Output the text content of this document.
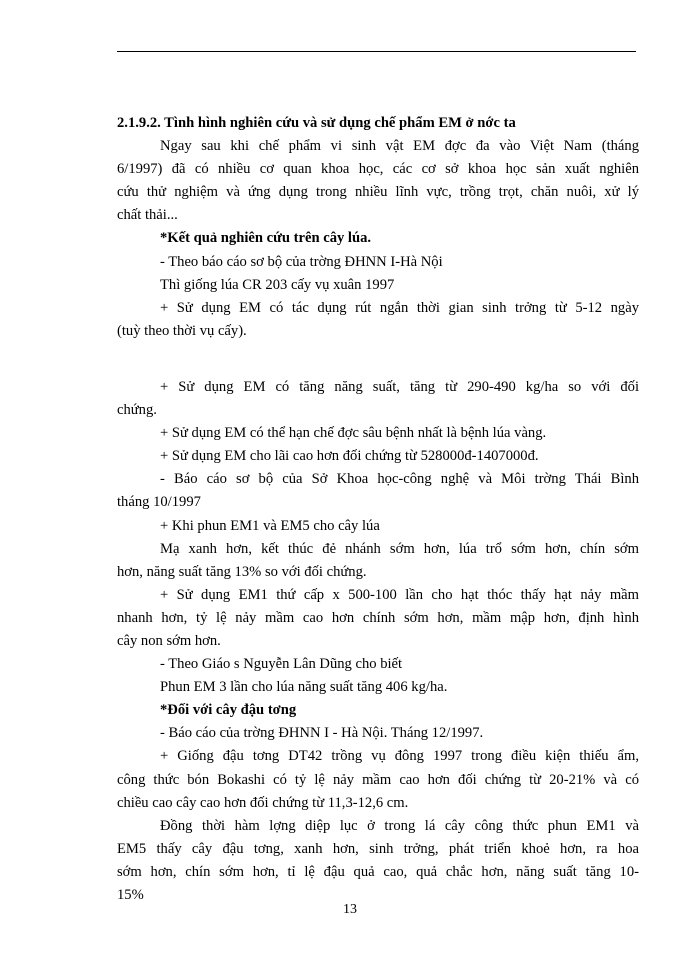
2.1.9.2. Tình hình nghiên cứu và sử dụng chế phẩm EM ở nớc ta
Ngay sau khi chế phẩm vi sinh vật EM đợc đa vào Việt Nam (tháng
6/1997) đã có nhiều cơ quan khoa học, các cơ sở khoa học sản xuất nghiên
cứu thử nghiệm và ứng dụng trong nhiều lĩnh vực, trồng trọt, chăn nuôi, xử lý
chất thải...
*Kết quả nghiên cứu trên cây lúa.
- Theo báo cáo sơ bộ của trờng ĐHNN I-Hà Nội
Thì giống lúa CR 203 cấy vụ xuân 1997
+ Sử dụng EM có tác dụng rút ngắn thời gian sinh trởng từ 5-12 ngày
(tuỳ theo thời vụ cấy).
+ Sử dụng EM có tăng năng suất, tăng từ 290-490 kg/ha so với đối
chứng.
+ Sử dụng EM có thể hạn chế đợc sâu bệnh nhất là bệnh lúa vàng.
+ Sử dụng EM cho lãi cao hơn đối chứng từ 528000đ-1407000đ.
- Báo cáo sơ bộ của Sở Khoa học-công nghệ và Môi trờng Thái Bình
tháng 10/1997
+ Khi phun EM1 và EM5 cho cây lúa
Mạ xanh hơn, kết thúc đẻ nhánh sớm hơn, lúa trổ sớm hơn, chín sớm
hơn, năng suất tăng 13% so với đối chứng.
+ Sử dụng EM1 thứ cấp x 500-100 lần cho hạt thóc thấy hạt nảy mầm
nhanh hơn, tỷ lệ nảy mầm cao hơn chính sớm hơn, mầm mập hơn, định hình
cây non sớm hơn.
- Theo Giáo s Nguyễn Lân Dũng cho biết
Phun EM 3 lần cho lúa năng suất tăng 406 kg/ha.
*Đối với cây đậu tơng
- Báo cáo của trờng ĐHNN I - Hà Nội. Tháng 12/1997.
+ Giống đậu tơng DT42 trồng vụ đông 1997 trong điều kiện thiếu ẩm,
công thức bón Bokashi có tỷ lệ nảy mầm cao hơn đối chứng từ 20-21% và có
chiều cao cây cao hơn đối chứng từ 11,3-12,6 cm.
Đồng thời hàm lợng diệp lục ở trong lá cây công thức phun EM1 và
EM5 thấy cây đậu tơng, xanh hơn, sinh trởng, phát triển khoẻ hơn, ra hoa
sớm hơn, chín sớm hơn, tỉ lệ đậu quả cao, quả chắc hơn, năng suất tăng 10-
15%
13
